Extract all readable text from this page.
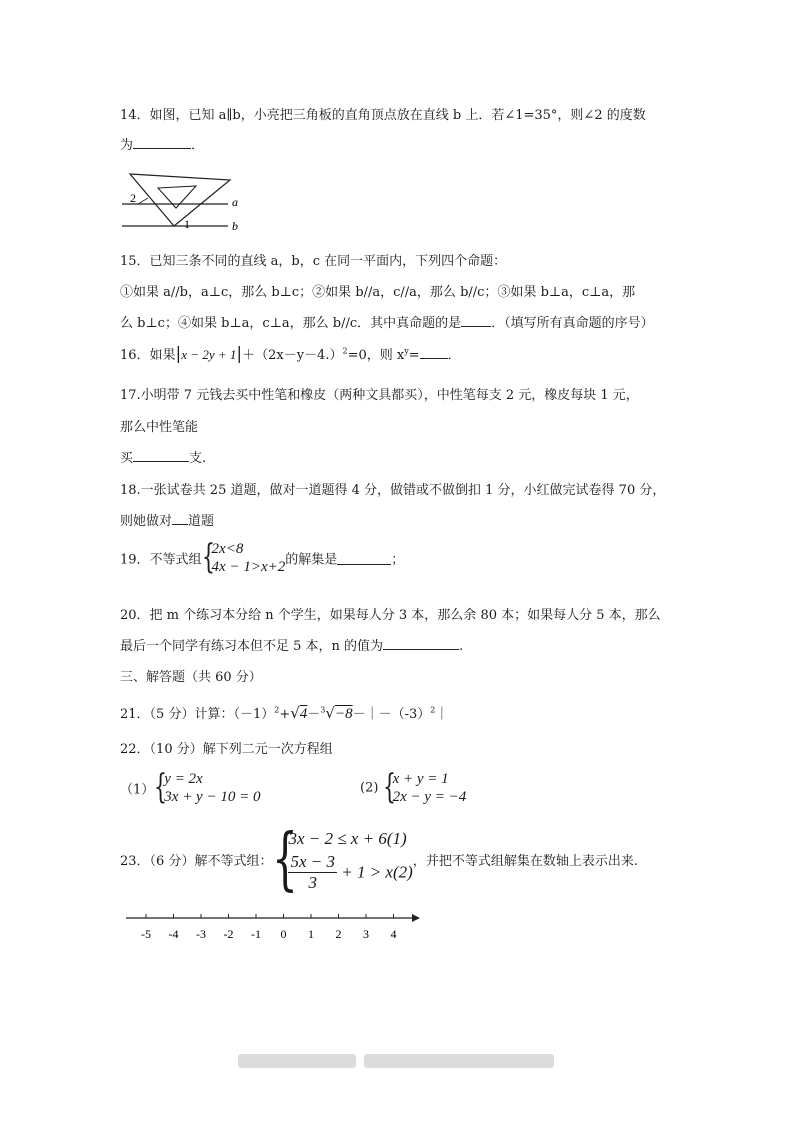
14．如图，已知 a∥b，小亮把三角板的直角顶点放在直线 b 上．若∠1=35°，则∠2 的度数
为	．
2
1
a
b
15．已知三条不同的直线 a，b，c 在同一平面内，下列四个命题：
①如果 a//b，a⊥c，那么 b⊥c；②如果 b//a，c//a，那么 b//c；③如果 b⊥a，c⊥a，那
么 b⊥c；④如果 b⊥a，c⊥a，那么 b//c．其中真命题的是 ．（填写所有真命题的序号）
16．如果$|x - 2y + 1|+(2x-y-4.)^2=0$，则 $x^y=$ ．
17.小明带 7 元钱去买中性笔和橡皮（两种文具都买），中性笔每支 2 元，橡皮每块 1 元，
那么中性笔能
买	支.
18.一张试卷共 25 道题，做对一道题得 4 分，做错或不做倒扣 1 分，小红做完试卷得 70 分，
则她做对 道题
19．不等式组 {
2x<8
4x − 1>x+2 的解集是	；
20．把 m 个练习本分给 n 个学生，如果每人分 3 本，那么余 80 本；如果每人分 5 本，那么
最后一个同学有练习本但不足 5 本，n 的值为	.
三、解答题（共 60 分）
21．（5 分）计算：$(-1)^2+√4-^3√-8-|-(-3)^2|$
22．（10 分）解下列二元一次方程组
（1） {
y = 2x
3x + y − 10 = 0
(2) {
x + y = 1
2x − y = −4
23．（6 分）解不等式组： {
3x − 2 ≤ x + 6(1)
$\frac{5x - 3}{3} + 1 > x(2)$
，并把不等式组解集在数轴上表示出来.
-5 -4 -3 -2 -1 0 1 2 3 4
